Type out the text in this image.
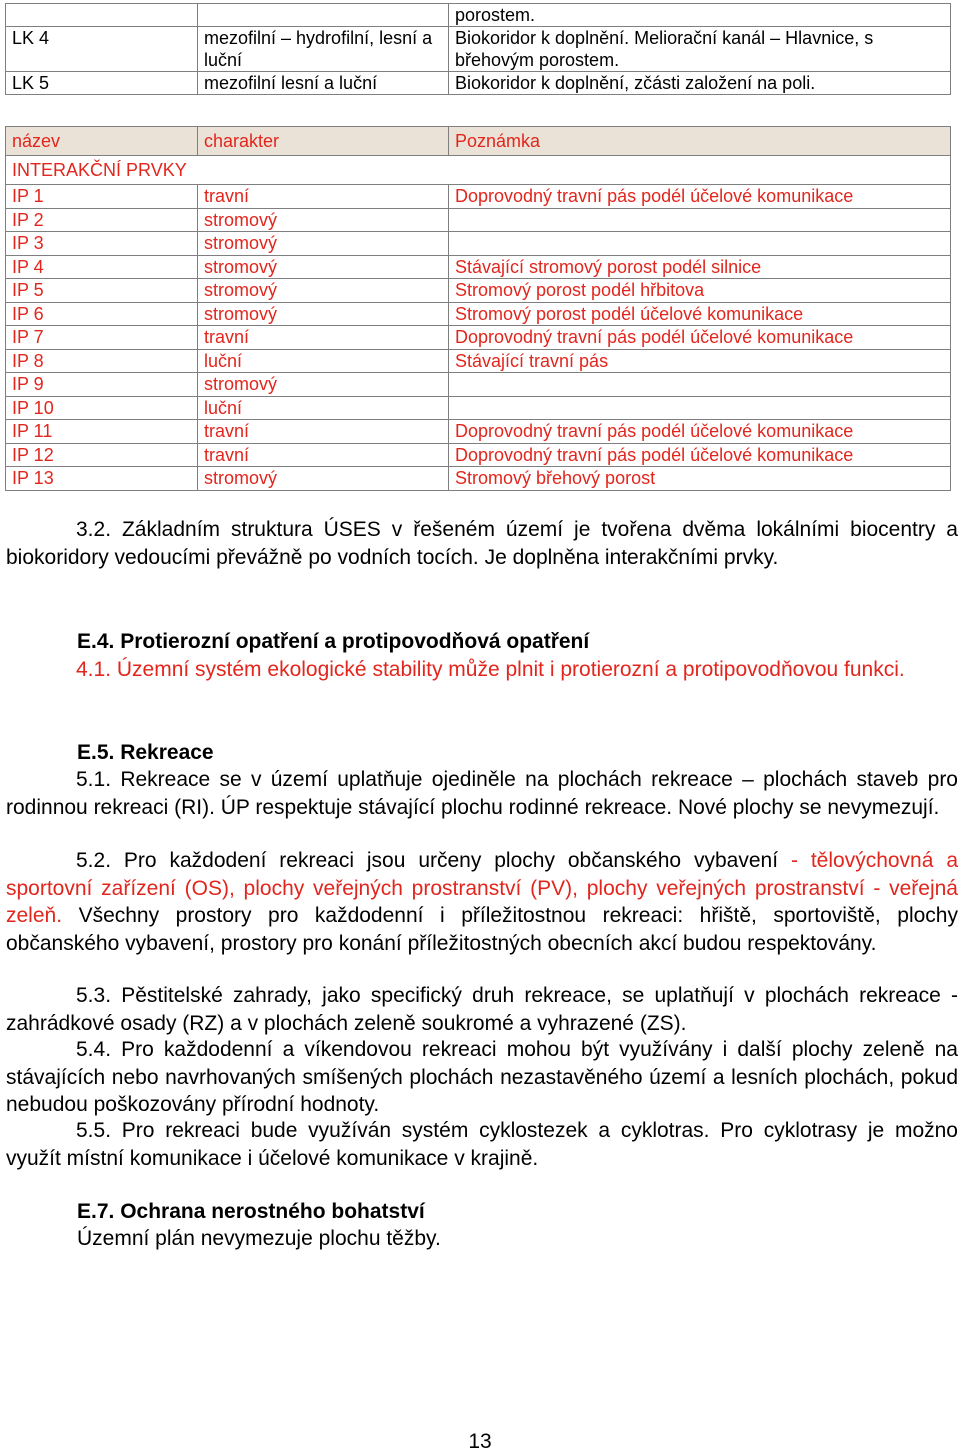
		porostem.
LK 4	mezofilní – hydrofilní, lesní a luční	Biokoridor k doplnění. Meliorační kanál – Hlavnice, s břehovým porostem.
LK 5	mezofilní lesní a luční	Biokoridor k doplnění, zčásti založení na poli.
název	charakter	Poznámka
INTERAKČNÍ PRVKY		
IP 1	travní	Doprovodný travní pás podél účelové komunikace
IP 2	stromový	
IP 3	stromový	
IP 4	stromový	Stávající stromový porost podél silnice
IP 5	stromový	Stromový porost podél hřbitova
IP 6	stromový	Stromový porost podél účelové komunikace
IP 7	travní	Doprovodný travní pás podél účelové komunikace
IP 8	luční	Stávající travní pás
IP 9	stromový	
IP 10	luční	
IP 11	travní	Doprovodný travní pás podél účelové komunikace
IP 12	travní	Doprovodný travní pás podél účelové komunikace
IP 13	stromový	Stromový břehový porost

3.2. Základním struktura ÚSES v řešeném území je tvořena dvěma lokálními biocentry a biokoridory vedoucími převážně po vodních tocích. Je doplněna interakčními prvky.

E.4. Protierozní opatření a protipovodňová opatření

4.1. Územní systém ekologické stability může plnit i protierozní a protipovodňovou funkci.

E.5. Rekreace

5.1. Rekreace se v území uplatňuje ojediněle na plochách rekreace – plochách staveb pro rodinnou rekreaci (RI). ÚP respektuje stávající plochu rodinné rekreace. Nové plochy se nevymezují.

5.2. Pro každodení rekreaci jsou určeny plochy občanského vybavení - tělovýchovná a sportovní zařízení (OS), plochy veřejných prostranství (PV), plochy veřejných prostranství - veřejná zeleň. Všechny prostory pro každodenní i příležitostnou rekreaci: hřiště, sportoviště, plochy občanského vybavení, prostory pro konání příležitostných obecních akcí budou respektovány.

5.3. Pěstitelské zahrady, jako specifický druh rekreace, se uplatňují v plochách rekreace - zahrádkové osady (RZ) a v plochách zeleně soukromé a vyhrazené (ZS).

5.4. Pro každodenní a víkendovou rekreaci mohou být využívány i další plochy zeleně na stávajících nebo navrhovaných smíšených plochách nezastavěného území a lesních plochách, pokud nebudou poškozovány přírodní hodnoty.

5.5. Pro rekreaci bude využíván systém cyklostezek a cyklotras. Pro cyklotrasy je možno využít místní komunikace i účelové komunikace v krajině.

E.7. Ochrana nerostného bohatství

Územní plán nevymezuje plochu těžby.

13
